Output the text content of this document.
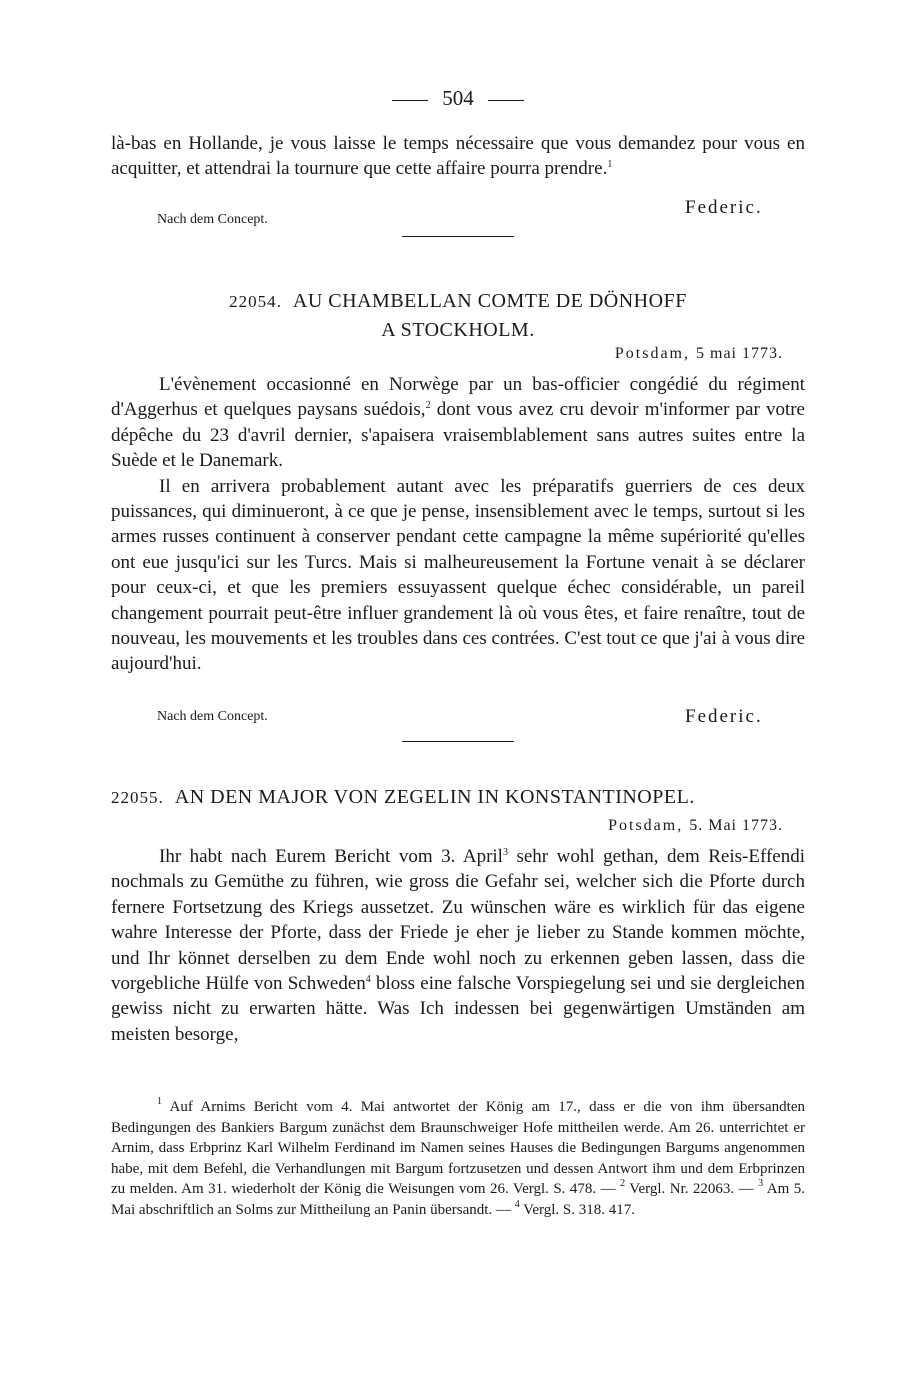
504
là-bas en Hollande, je vous laisse le temps nécessaire que vous demandez pour vous en acquitter, et attendrai la tournure que cette affaire pourra prendre.$^1$
Nach dem Concept.
Federic.
22054. AU CHAMBELLAN COMTE DE DÖNHOFF
A STOCKHOLM.
Potsdam, 5 mai 1773.
L'évènement occasionné en Norwège par un bas-officier congédié du régiment d'Aggerhus et quelques paysans suédois,$^2$ dont vous avez cru devoir m'informer par votre dépêche du 23 d'avril dernier, s'apaisera vraisemblablement sans autres suites entre la Suède et le Danemark.
Il en arrivera probablement autant avec les préparatifs guerriers de ces deux puissances, qui diminueront, à ce que je pense, insensiblement avec le temps, surtout si les armes russes continuent à conserver pendant cette campagne la même supériorité qu'elles ont eue jusqu'ici sur les Turcs. Mais si malheureusement la Fortune venait à se déclarer pour ceux-ci, et que les premiers essuyassent quelque échec considérable, un pareil changement pourrait peut-être influer grandement là où vous êtes, et faire renaître, tout de nouveau, les mouvements et les troubles dans ces contrées. C'est tout ce que j'ai à vous dire aujourd'hui.
Nach dem Concept.	Federic.
22055. AN DEN MAJOR VON ZEGELIN IN KONSTANTINOPEL.
Potsdam, 5. Mai 1773.
Ihr habt nach Eurem Bericht vom 3. April$^3$ sehr wohl gethan, dem Reis-Effendi nochmals zu Gemüthe zu führen, wie gross die Gefahr sei, welcher sich die Pforte durch fernere Fortsetzung des Kriegs aussetzet. Zu wünschen wäre es wirklich für das eigene wahre Interesse der Pforte, dass der Friede je eher je lieber zu Stande kommen möchte, und Ihr könnet derselben zu dem Ende wohl noch zu erkennen geben lassen, dass die vorgebliche Hülfe von Schweden$^4$ bloss eine falsche Vorspiegelung sei und sie dergleichen gewiss nicht zu erwarten hätte. Was Ich indessen bei gegenwärtigen Umständen am meisten besorge,
$^1$ Auf Arnims Bericht vom 4. Mai antwortet der König am 17., dass er die von ihm übersandten Bedingungen des Bankiers Bargum zunächst dem Braunschweiger Hofe mittheilen werde. Am 26. unterrichtet er Arnim, dass Erbprinz Karl Wilhelm Ferdinand im Namen seines Hauses die Bedingungen Bargums angenommen habe, mit dem Befehl, die Verhandlungen mit Bargum fortzusetzen und dessen Antwort ihm und dem Erbprinzen zu melden. Am 31. wiederholt der König die Weisungen vom 26. Vergl. S. 478. — $^2$ Vergl. Nr. 22063. — $^3$ Am 5. Mai abschriftlich an Solms zur Mittheilung an Panin übersandt. — $^4$ Vergl. S. 318. 417.
